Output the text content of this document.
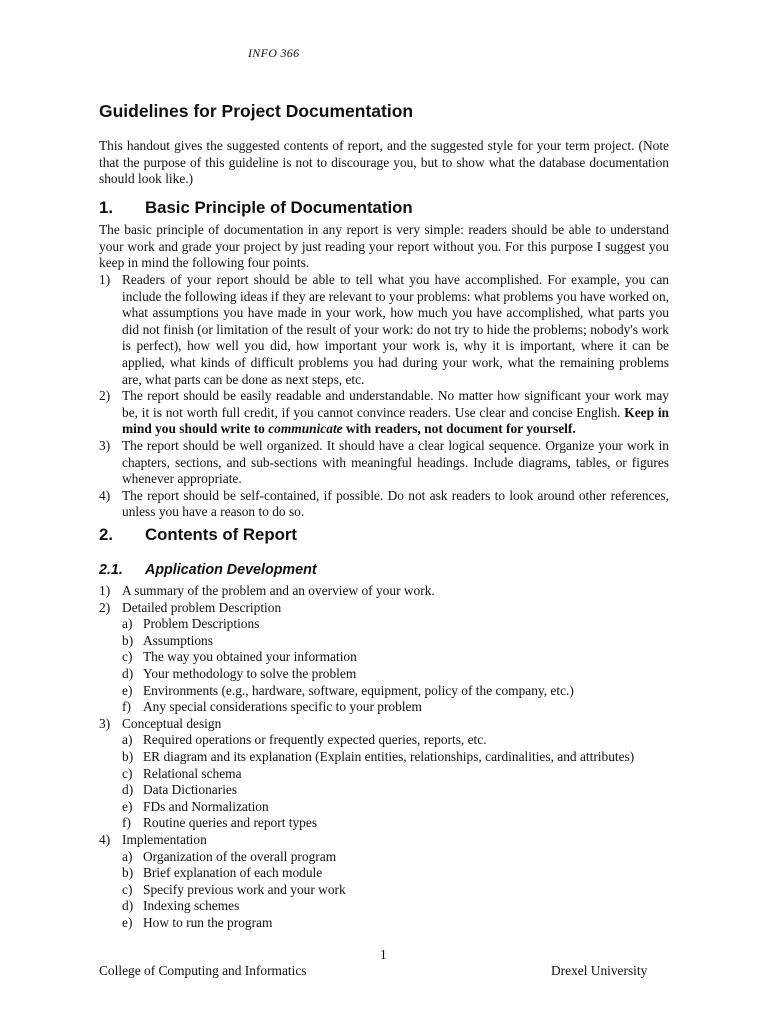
INFO 366
Guidelines for Project Documentation

This handout gives the suggested contents of report, and the suggested style for your term project. (Note that the purpose of this guideline is not to discourage you, but to show what the database documentation should look like.)

1. Basic Principle of Documentation

The basic principle of documentation in any report is very simple: readers should be able to understand your work and grade your project by just reading your report without you. For this purpose I suggest you keep in mind the following four points.

1) Readers of your report should be able to tell what you have accomplished. For example, you can include the following ideas if they are relevant to your problems: what problems you have worked on, what assumptions you have made in your work, how much you have accomplished, what parts you did not finish (or limitation of the result of your work: do not try to hide the problems; nobody's work is perfect), how well you did, how important your work is, why it is important, where it can be applied, what kinds of difficult problems you had during your work, what the remaining problems are, what parts can be done as next steps, etc.
2) The report should be easily readable and understandable. No matter how significant your work may be, it is not worth full credit, if you cannot convince readers. Use clear and concise English. Keep in mind you should write to communicate with readers, not document for yourself.
3) The report should be well organized. It should have a clear logical sequence. Organize your work in chapters, sections, and sub-sections with meaningful headings. Include diagrams, tables, or figures whenever appropriate.
4) The report should be self-contained, if possible. Do not ask readers to look around other references, unless you have a reason to do so.
2. Contents of Report
2.1. Application Development
1) A summary of the problem and an overview of your work.
2) Detailed problem Description
a) Problem Descriptions
b) Assumptions
c) The way you obtained your information
d) Your methodology to solve the problem
e) Environments (e.g., hardware, software, equipment, policy of the company, etc.)
f) Any special considerations specific to your problem
3) Conceptual design
a) Required operations or frequently expected queries, reports, etc.
b) ER diagram and its explanation (Explain entities, relationships, cardinalities, and attributes)
c) Relational schema
d) Data Dictionaries
e) FDs and Normalization
f) Routine queries and report types
4) Implementation
a) Organization of the overall program
b) Brief explanation of each module
c) Specify previous work and your work
d) Indexing schemes
e) How to run the program
1
College of Computing and Informatics	Drexel University
